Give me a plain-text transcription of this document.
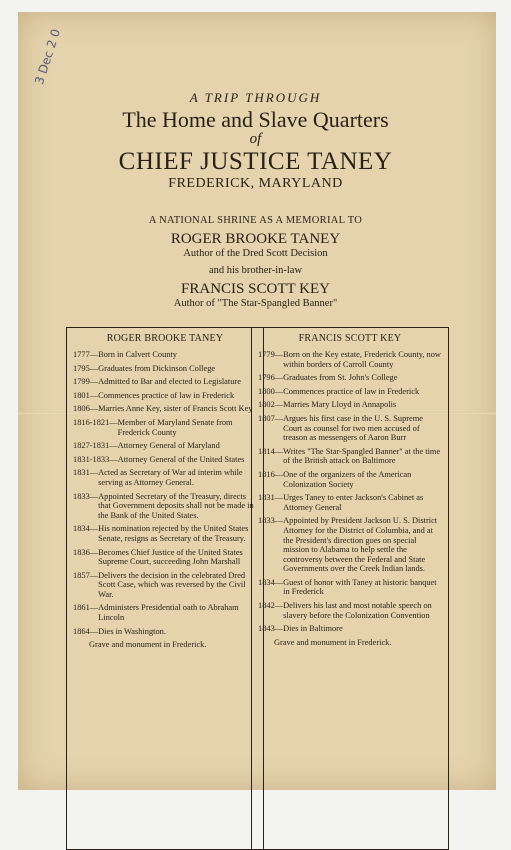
3 Dec 2 0
A TRIP THROUGH
The Home and Slave Quarters
of
CHIEF JUSTICE TANEY
FREDERICK, MARYLAND
A NATIONAL SHRINE AS A MEMORIAL TO
ROGER BROOKE TANEY
Author of the Dred Scott Decision
and his brother-in-law
FRANCIS SCOTT KEY
Author of "The Star-Spangled Banner"
ROGER BROOKE TANEY
1777— Born in Calvert County
1795— Graduates from Dickinson College
1799— Admitted to Bar and elected to Legislature
1801— Commences practice of law in Frederick
1806— Marries Anne Key, sister of Francis Scott Key
1816-1821— Member of Maryland Senate from Frederick County
1827-1831— Attorney General of Maryland
1831-1833— Attorney General of the United States
1831— Acted as Secretary of War ad interim while serving as Attorney General.
1833— Appointed Secretary of the Treasury, directs that Government deposits shall not be made in the Bank of the United States.
1834— His nomination rejected by the United States Senate, resigns as Secretary of the Treasury.
1836— Becomes Chief Justice of the United States Supreme Court, succeeding John Marshall
1857— Delivers the decision in the celebrated Dred Scott Case, which was reversed by the Civil War.
1861— Administers Presidential oath to Abraham Lincoln
1864— Dies in Washington.
Grave and monument in Frederick.
FRANCIS SCOTT KEY
1779— Born on the Key estate, Frederick County, now within borders of Carroll County
1796— Graduates from St. John's College
1800— Commences practice of law in Frederick
1802— Marries Mary Lloyd in Annapolis
1807— Argues his first case in the U. S. Supreme Court as counsel for two men accused of treason as messengers of Aaron Burr
1814— Writes "The Star-Spangled Banner" at the time of the British attack on Baltimore
1816— One of the organizers of the American Colonization Society
1831— Urges Taney to enter Jackson's Cabinet as Attorney General
1833— Appointed by President Jackson U. S. District Attorney for the District of Columbia, and at the President's direction goes on special mission to Alabama to help settle the controversy between the Federal and State Governments over the Creek Indian lands.
1834— Guest of honor with Taney at historic banquet in Frederick
1842— Delivers his last and most notable speech on slavery before the Colonization Convention
1843— Dies in Baltimore
Grave and monument in Frederick.
